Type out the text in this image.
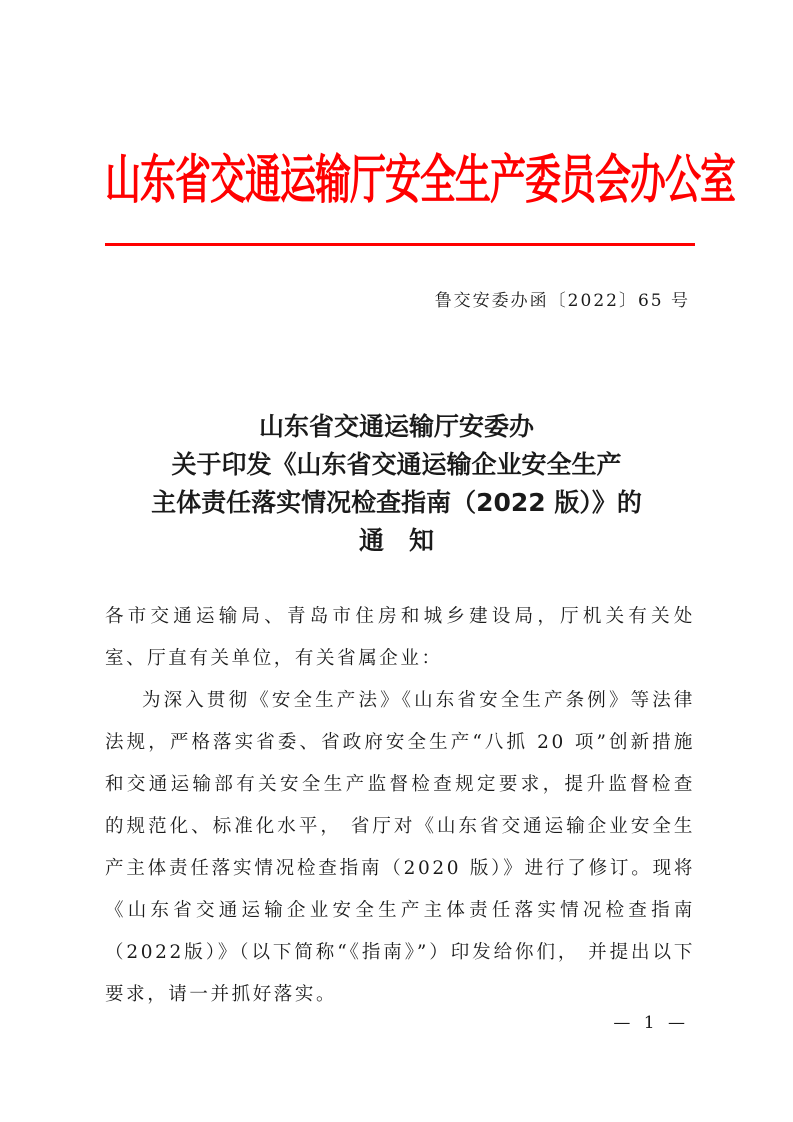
山东省交通运输厅安全生产委员会办公室
鲁交安委办函〔2022〕65 号
山东省交通运输厅安委办
关于印发《山东省交通运输企业安全生产
主体责任落实情况检查指南（2022 版）》的
通　知

各市交通运输局、青岛市住房和城乡建设局，厅机关有关处室、厅直有关单位，有关省属企业：

为深入贯彻《安全生产法》《山东省安全生产条例》等法律法规，严格落实省委、省政府安全生产“八抓 20 项”创新措施和交通运输部有关安全生产监督检查规定要求，提升监督检查的规范化、标准化水平， 省厅对《山东省交通运输企业安全生产主体责任落实情况检查指南（2020 版）》进行了修订。现将《山东省交通运输企业安全生产主体责任落实情况检查指南（2022版）》（以下简称“《指南》”）印发给你们， 并提出以下要求，请一并抓好落实。

— 1 —
